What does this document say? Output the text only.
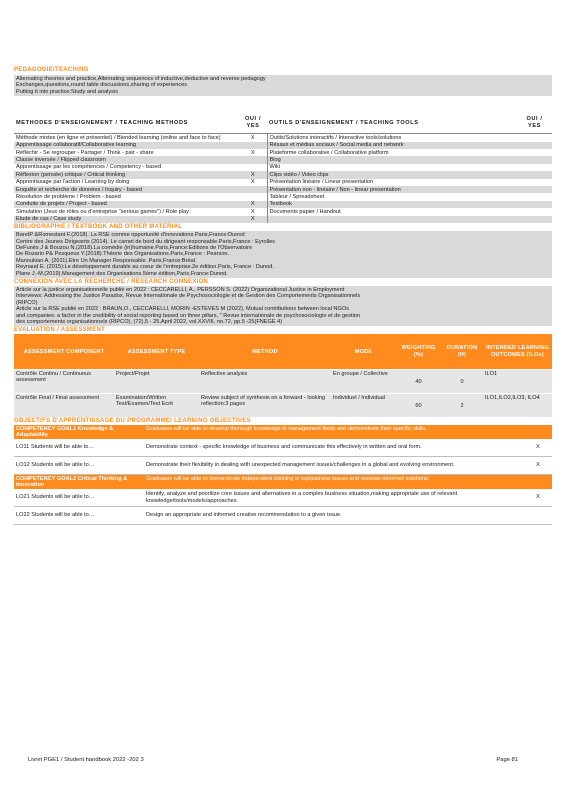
PEDAGOGIE/TEACHING
Alternating theories and practice,Alternating sequences of inductive,deductive and reverse pedagogy
Exchanges,questions,round table discussions,sharing of experiences
Putting it into practice:Study and analysis
METHODES D'ENSEIGNEMENT / TEACHING METHODS	OUI / YES	OUTILS D'ENSEIGNEMENT / TEACHING TOOLS	OUI / YES
Méthode mixtes (en ligne et présentiel) / Blended learning (online and face to face)	X	Outils/Solutions interactifs / Interactive tools/solutions	
Apprentissage collaboratif/Collaborative learning		Résaux et médias sociaux / Social media and network	
Réfléchir - Se regrouper - Partager / Think - pair - share	X	Plateforme collaborative / Collaborative platform	
Classe inversée / Flipped classroom		Blog	
Apprentissage par les compétences / Competency - based		Wiki	
Réflexion (pensée) critique / Critical thinking	X	Clips vidéo / Video clips	
Apprentissage par l'action / Learning by doing	X	Présentation linéaire / Linear presentation	
Enquête et recherche de données / Inquiry - based		Présentation non - linéaire / Non - linear presentation	
Résolution de problème / Problem - based		Tableur / Spreadsheet	
Conduite de projets / Project - based	X	Textbook	
Simulation (Jeux de rôles ou d'entreprise "serious games") / Role play	X	Documents papier / Handout	
Etude de cas / Case study	X		
BIBLIOGRAPHIE / TEXTBOOK AND OTHER MATERIAL
BaretP &Romestant F.(2018). La RSE comme opportunité d'innovations.Paris,France:Dunod
Centre des Jeunes Dirigeants (2014). Le carnet de bord du dirigeant responsable.Paris,France : Eyrolles
DeFunès J & Bouzou N.(2018).La comédie (in)humaine.Paris,France:Editions de l'Observatoire
De Rozario P& Pesqueux Y.(2018).Théorie des Organisations.Paris,France : Pearson.
Manoukian A. (2011).Etre Un Manager Responsable. Paris,France:Bréal.
Reynaud E. (2015):Le développement durable au coeur de l'entreprise.2e édition.Paris, France : Dunod.
Plane J.-M.(2019).Management des Organisations.5ème édition,Paris,France:Dunod.
CONNEXION AVEC LA RECHERCHE / RESEARCH CONNEXION
Article sur la justice organisationnelle publié en 2022 : CECCARELLI, A., PERSSON S. (2022) Organizational Justice in Employment
Interviews: Addressing the Justice Paradox, Revue Internationale de Psychosociologie et de Gestion des Comportements Organisationnels
(RIPCO)
Article sur la RSE publié en 2022 : BRAUN,O., CECCARELLI, MORIN -ESTEVES M (2022), Mutual contributions between local NGOs
and companies: a factor in the credibility of social reporting based on three pillars, " Revue internationale de psychosociologie et de gestion
des comportements organisationnels (RIPCO), (72),5 - 25,April 2022, vol.XXVIII, no.72, pp.5 -25(FNEGE 4)
EVALUATION / ASSESSMENT
ASSESSMENT COMPONENT	ASSESSMENT TYPE	METHOD	MODE	WEIGHTING (%)	DURATION (H)	INTENDED LEARNING OUTCOMES (ILOs)
Contrôle Continu / Continuous assessment	Project/Projet	Reflective analysis	En groupe / Collective	40	0	ILO1
Contrôle Final / Final assessment	Examination/Written Test/Examen/Test Ecrit	Review subject of synthesis on a forward - looking reflection:3 pages	Individuel / Individual	60	2	ILO1,ILO2,ILO3, ILO4
OBJECTIFS D'APPRENTISSAGE DU PROGRAMME/ LEARNING OBJECTIVES
COMPETENCY GOAL1 Knowledge & Adaptability	Graduates will be able to develop thorough knowledge in management fields and demonstrate their specific skills.	
LO11 Students will be able to…	Demonstrate context - specific knowledge of business and communicate this effectively in written and oral form.	X
LO12 Students will be able to…	Demonstrate their flexibility in dealing with unexpected management issues/challenges in a global and evolving environment.	X
COMPETENCY GOAL2 Critical Thinking & Innovation	Graduates will be able to demonstrate independent thinking in topbusiness issues and propose informed solutions.	
LO21 Students will be able to…	Identify, analyze and prioritize core issues and alternatives in a complex business situation,making appropriate use of relevant knowledge/tools/models/approaches.	X
LO22 Students will be able to…	Design an appropriate and informed creative recommendation to a given issue.	
Livret PGE1 / Student handbook 2022 -202 3	Page 81
